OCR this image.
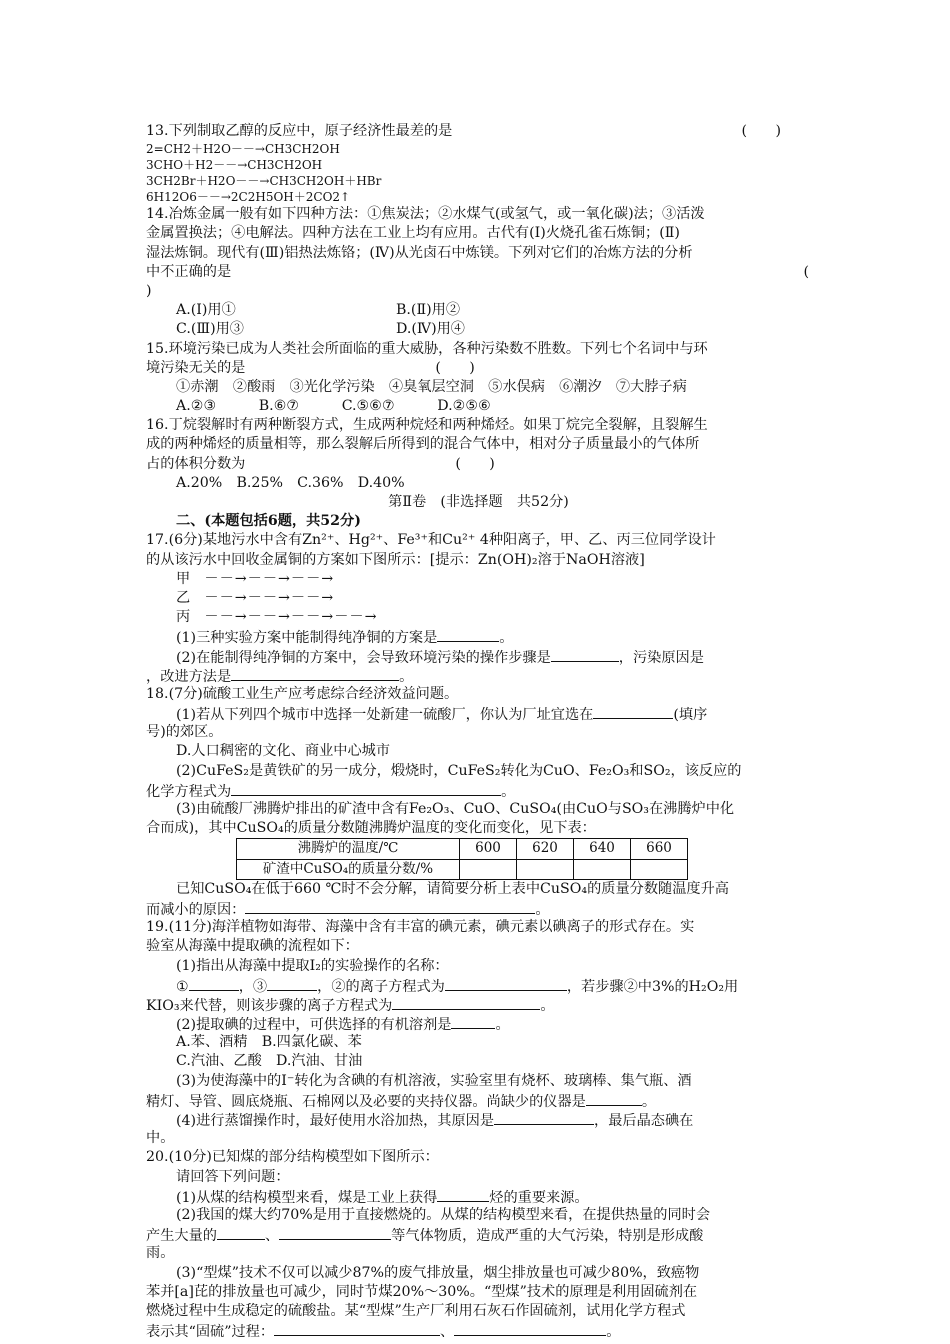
13.下列制取乙醇的反应中，原子经济性最差的是	(　　)
2=CH2＋H2O－－→CH3CH2OH
3CHO＋H2－－→CH3CH2OH
3CH2Br＋H2O－－→CH3CH2OH＋HBr
6H12O6－－→2C2H5OH＋2CO2↑
14.冶炼金属一般有如下四种方法：①焦炭法；②水煤气(或氢气，或一氧化碳)法；③活泼
金属置换法；④电解法。四种方法在工业上均有应用。古代有(Ⅰ)火烧孔雀石炼铜；(Ⅱ)
湿法炼铜。现代有(Ⅲ)铝热法炼铬；(Ⅳ)从光卤石中炼镁。下列对它们的冶炼方法的分析
中不正确的是	(
)
A.(Ⅰ)用①	B.(Ⅱ)用②
C.(Ⅲ)用③	D.(Ⅳ)用④
15.环境污染已成为人类社会所面临的重大威胁，各种污染数不胜数。下列七个名词中与环
境污染无关的是	(　　)
①赤潮　②酸雨　③光化学污染　④臭氧层空洞　⑤水俣病　⑥潮汐　⑦大脖子病
A.②③　　　B.⑥⑦　　　C.⑤⑥⑦　　　D.②⑤⑥
16.丁烷裂解时有两种断裂方式，生成两种烷烃和两种烯烃。如果丁烷完全裂解，且裂解生
成的两种烯烃的质量相等，那么裂解后所得到的混合气体中，相对分子质量最小的气体所
占的体积分数为	(　　)
A.20%　B.25%　C.36%　D.40%
第Ⅱ卷　(非选择题　共52分)
二、(本题包括6题，共52分)
17.(6分)某地污水中含有Zn²⁺、Hg²⁺、Fe³⁺和Cu²⁺ 4种阳离子，甲、乙、丙三位同学设计
的从该污水中回收金属铜的方案如下图所示：[提示：Zn(OH)₂溶于NaOH溶液]
甲　 －－→－－→－－→
乙　 －－→－－→－－→
丙　 －－→－－→－－→－－→
(1)三种实验方案中能制得纯净铜的方案是	。
(2)在能制得纯净铜的方案中，会导致环境污染的操作步骤是	，污染原因是
，改进方法是	。
18.(7分)硫酸工业生产应考虑综合经济效益问题。
(1)若从下列四个城市中选择一处新建一硫酸厂，你认为厂址宜选在	(填序
号)的郊区。
D.人口稠密的文化、商业中心城市
(2)CuFeS₂是黄铁矿的另一成分，煅烧时，CuFeS₂转化为CuO、Fe₂O₃和SO₂，该反应的
化学方程式为	。
(3)由硫酸厂沸腾炉排出的矿渣中含有Fe₂O₃、CuO、CuSO₄(由CuO与SO₃在沸腾炉中化
合而成)，其中CuSO₄的质量分数随沸腾炉温度的变化而变化，见下表：
沸腾炉的温度/℃	600	620	640	660
矿渣中CuSO₄的质量分数/%				
已知CuSO₄在低于660 ℃时不会分解，请简要分析上表中CuSO₄的质量分数随温度升高
而减小的原因：	。
19.(11分)海洋植物如海带、海藻中含有丰富的碘元素，碘元素以碘离子的形式存在。实
验室从海藻中提取碘的流程如下：
(1)指出从海藻中提取I₂的实验操作的名称：
①	，③	，②的离子方程式为	，若步骤②中3%的H₂O₂用
KIO₃来代替，则该步骤的离子方程式为	。
(2)提取碘的过程中，可供选择的有机溶剂是	。
A.苯、酒精　B.四氯化碳、苯
C.汽油、乙酸　D.汽油、甘油
(3)为使海藻中的I⁻转化为含碘的有机溶液，实验室里有烧杯、玻璃棒、集气瓶、酒
精灯、导管、圆底烧瓶、石棉网以及必要的夹持仪器。尚缺少的仪器是	。
(4)进行蒸馏操作时，最好使用水浴加热，其原因是	，最后晶态碘在
中。
20.(10分)已知煤的部分结构模型如下图所示：
请回答下列问题：
(1)从煤的结构模型来看，煤是工业上获得	烃的重要来源。
(2)我国的煤大约70%是用于直接燃烧的。从煤的结构模型来看，在提供热量的同时会
产生大量的	、	等气体物质，造成严重的大气污染，特别是形成酸
雨。
(3)“型煤”技术不仅可以减少87%的废气排放量，烟尘排放量也可减少80%，致癌物
苯并[a]芘的排放量也可减少，同时节煤20%～30%。“型煤”技术的原理是利用固硫剂在
燃烧过程中生成稳定的硫酸盐。某“型煤”生产厂利用石灰石作固硫剂，试用化学方程式
表示其“固硫”过程：	、	。
